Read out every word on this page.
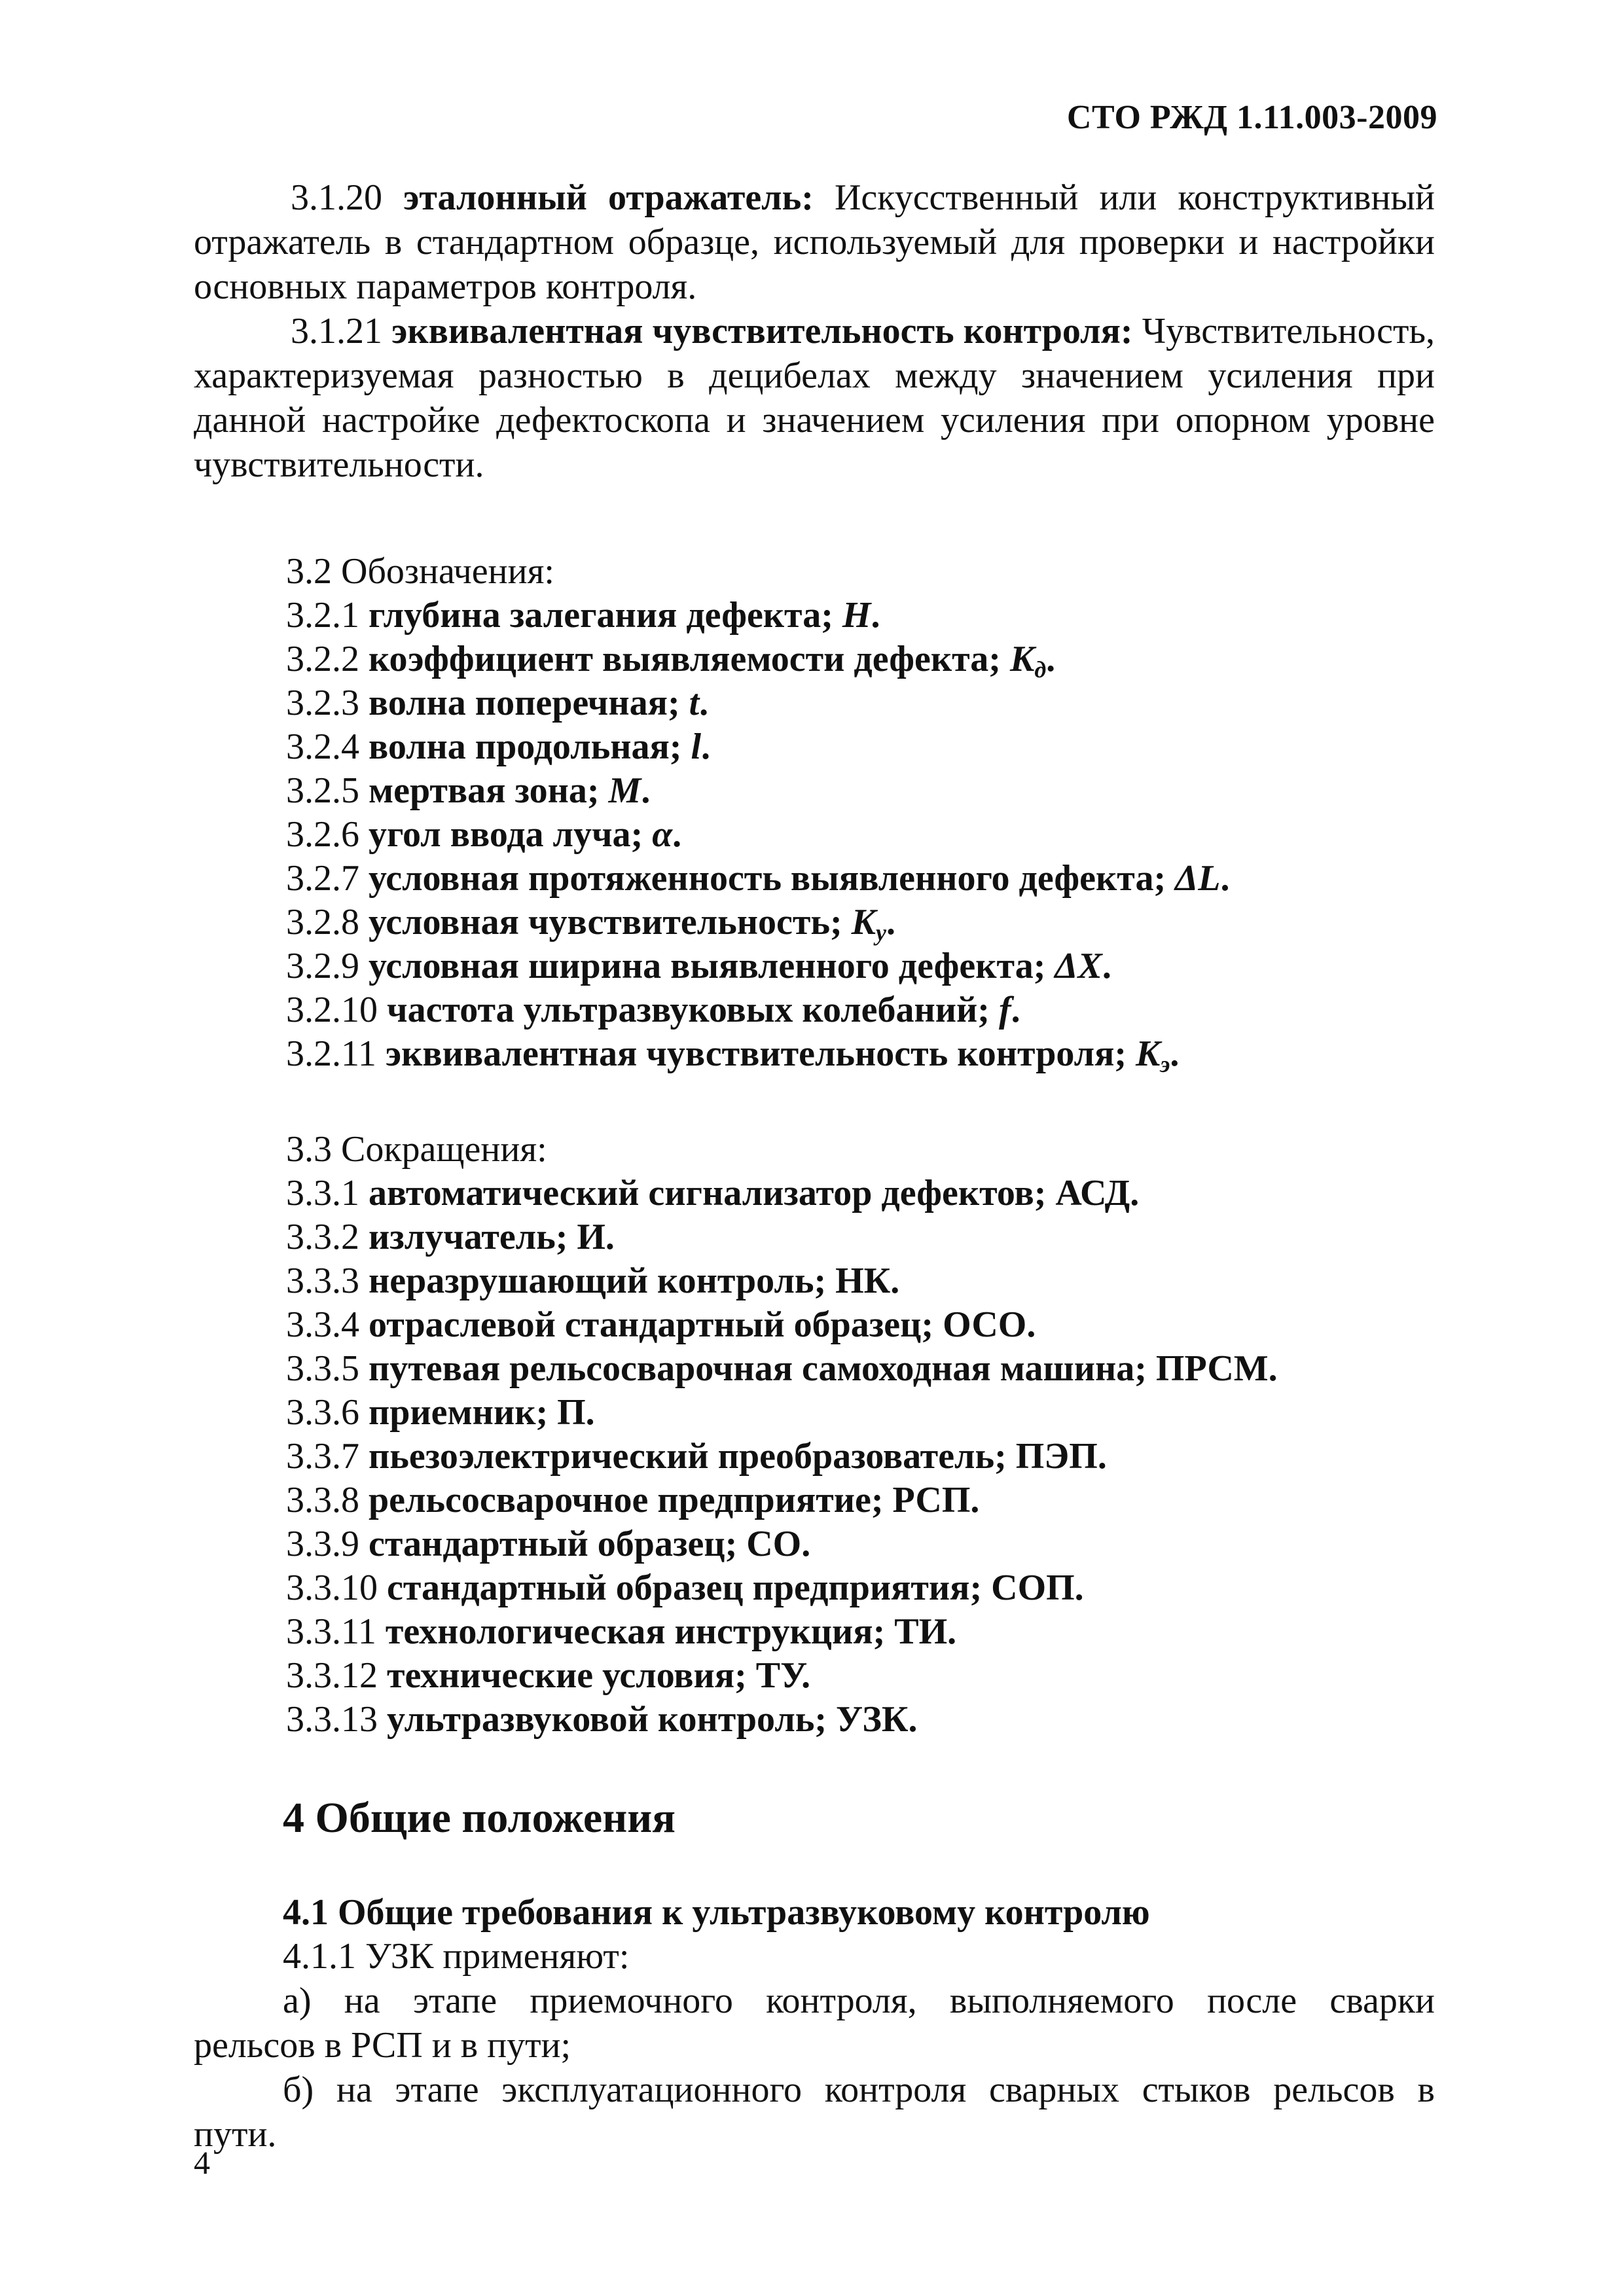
СТО РЖД 1.11.003-2009
3.1.20 эталонный отражатель: Искусственный или конструктивный отражатель в стандартном образце, используемый для проверки и настройки основных параметров контроля.
3.1.21 эквивалентная чувствительность контроля: Чувствительность, характеризуемая разностью в децибелах между значением усиления при данной настройке дефектоскопа и значением усиления при опорном уровне чувствительности.
3.2 Обозначения:
3.2.1 глубина залегания дефекта; H.
3.2.2 коэффициент выявляемости дефекта; $K_д$.
3.2.3 волна поперечная; t.
3.2.4 волна продольная; l.
3.2.5 мертвая зона; M.
3.2.6 угол ввода луча; α.
3.2.7 условная протяженность выявленного дефекта; ΔL.
3.2.8 условная чувствительность; $K_у$.
3.2.9 условная ширина выявленного дефекта; ΔX.
3.2.10 частота ультразвуковых колебаний; f.
3.2.11 эквивалентная чувствительность контроля; $K_э$.
3.3 Сокращения:
3.3.1 автоматический сигнализатор дефектов; АСД.
3.3.2 излучатель; И.
3.3.3 неразрушающий контроль; НК.
3.3.4 отраслевой стандартный образец; ОСО.
3.3.5 путевая рельсосварочная самоходная машина; ПРСМ.
3.3.6 приемник; П.
3.3.7 пьезоэлектрический преобразователь; ПЭП.
3.3.8 рельсосварочное предприятие; РСП.
3.3.9 стандартный образец; СО.
3.3.10 стандартный образец предприятия; СОП.
3.3.11 технологическая инструкция; ТИ.
3.3.12 технические условия; ТУ.
3.3.13 ультразвуковой контроль; УЗК.
4 Общие положения
4.1 Общие требования к ультразвуковому контролю
4.1.1 УЗК применяют:
а) на этапе приемочного контроля, выполняемого после сварки
рельсов в РСП и в пути;
б) на этапе эксплуатационного контроля сварных стыков рельсов в
пути.
4
